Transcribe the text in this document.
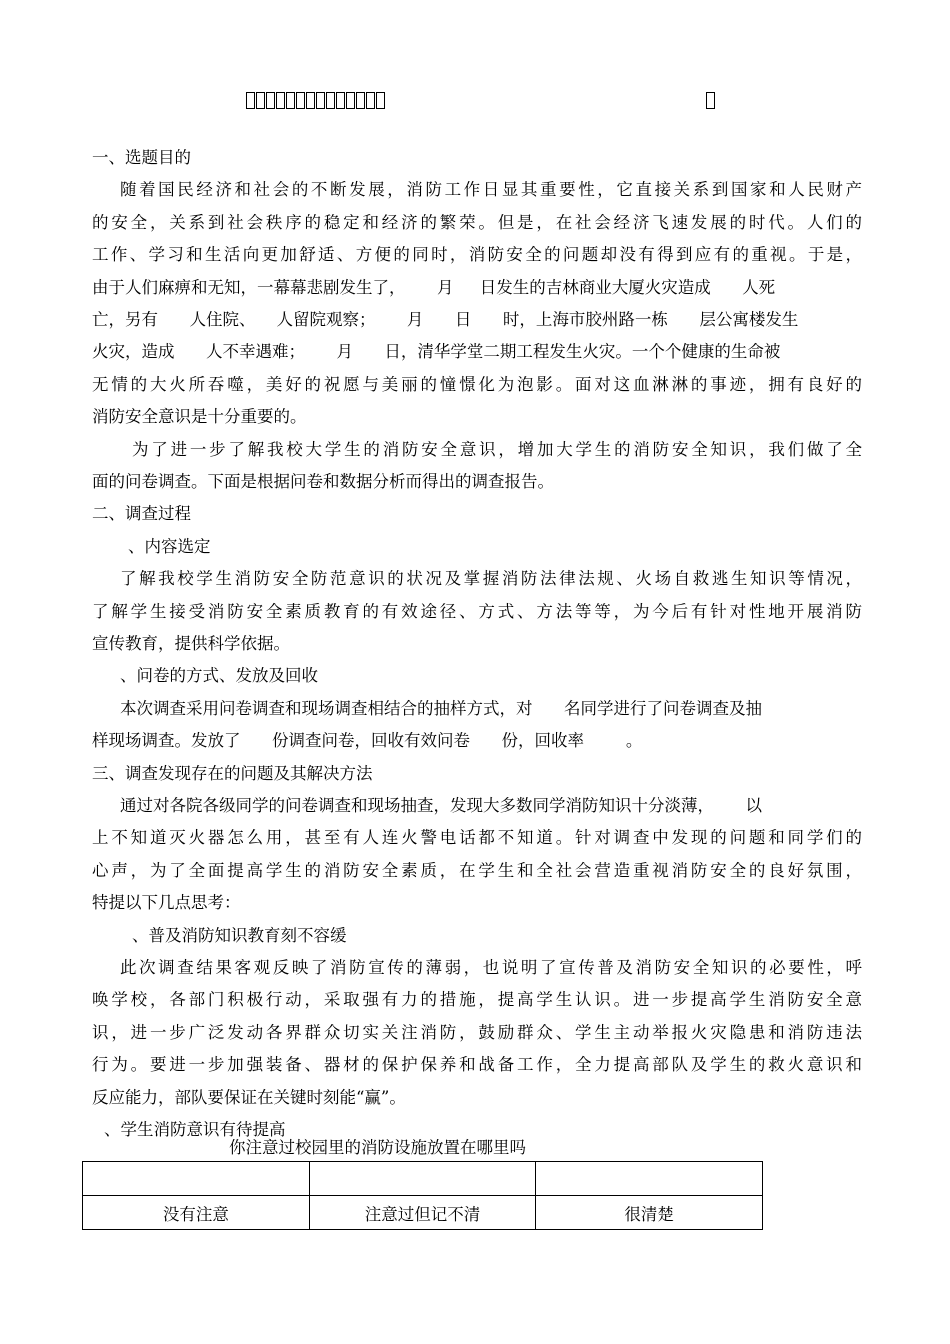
一、选题目的
随着国民经济和社会的不断发展，消防工作日显其重要性，它直接关系到国家和人民财产
的安全，关系到社会秩序的稳定和经济的繁荣。但是，在社会经济飞速发展的时代。人们的
工作、学习和生活向更加舒适、方便的同时，消防安全的问题却没有得到应有的重视。于是，
由于人们麻痹和无知，一幕幕悲剧发生了，      月     日发生的吉林商业大厦火灾造成      人死
亡，另有      人住院、    人留院观察；      月      日      时，上海市胶州路一栋      层公寓楼发生
火灾，造成      人不幸遇难；      月      日，清华学堂二期工程发生火灾。一个个健康的生命被
无情的大火所吞噬，美好的祝愿与美丽的憧憬化为泡影。面对这血淋淋的事迹，拥有良好的
消防安全意识是十分重要的。
为了进一步了解我校大学生的消防安全意识，增加大学生的消防安全知识，我们做了全
面的问卷调查。下面是根据问卷和数据分析而得出的调查报告。
二、调查过程
、内容选定
了解我校学生消防安全防范意识的状况及掌握消防法律法规、火场自救逃生知识等情况，
了解学生接受消防安全素质教育的有效途径、方式、方法等等，为今后有针对性地开展消防
宣传教育，提供科学依据。
、问卷的方式、发放及回收
本次调查采用问卷调查和现场调查相结合的抽样方式，对      名同学进行了问卷调查及抽
样现场调查。发放了      份调查问卷，回收有效问卷      份，回收率        。
三、调查发现存在的问题及其解决方法
通过对各院各级同学的问卷调查和现场抽查，发现大多数同学消防知识十分淡薄，      以
上不知道灭火器怎么用，甚至有人连火警电话都不知道。针对调查中发现的问题和同学们的
心声，为了全面提高学生的消防安全素质，在学生和全社会营造重视消防安全的良好氛围，
特提以下几点思考：
、普及消防知识教育刻不容缓
此次调查结果客观反映了消防宣传的薄弱，也说明了宣传普及消防安全知识的必要性，呼
唤学校，各部门积极行动，采取强有力的措施，提高学生认识。进一步提高学生消防安全意
识，进一步广泛发动各界群众切实关注消防，鼓励群众、学生主动举报火灾隐患和消防违法
行为。要进一步加强装备、器材的保护保养和战备工作，全力提高部队及学生的救火意识和
反应能力，部队要保证在关键时刻能“赢”。
、学生消防意识有待提高
你注意过校园里的消防设施放置在哪里吗

没有注意	注意过但记不清	很清楚
